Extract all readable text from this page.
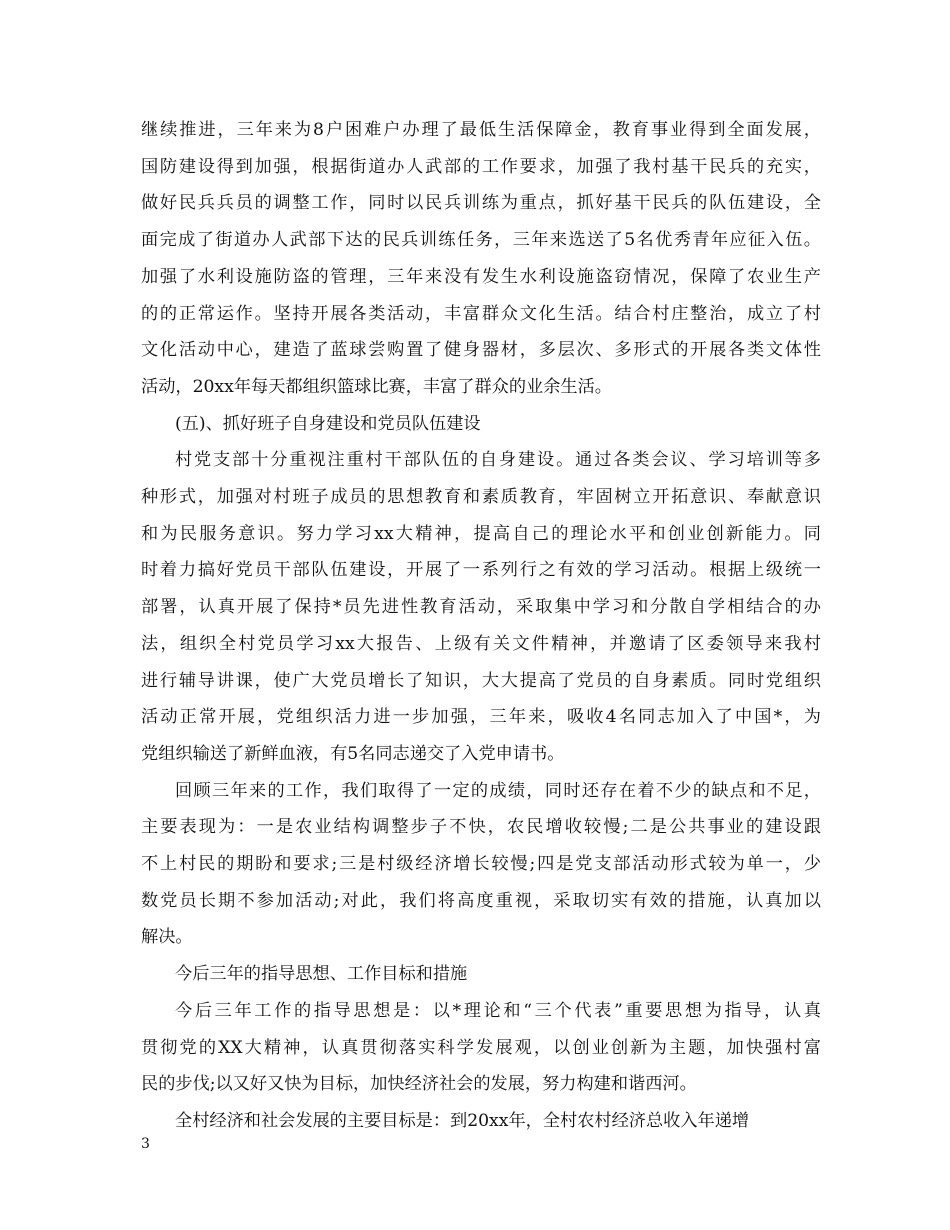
继续推进，三年来为8户困难户办理了最低生活保障金，教育事业得到全面发展，
国防建设得到加强，根据街道办人武部的工作要求，加强了我村基干民兵的充实，
做好民兵兵员的调整工作，同时以民兵训练为重点，抓好基干民兵的队伍建设，全
面完成了街道办人武部下达的民兵训练任务，三年来选送了5名优秀青年应征入伍。
加强了水利设施防盗的管理，三年来没有发生水利设施盗窃情况，保障了农业生产
的的正常运作。坚持开展各类活动，丰富群众文化生活。结合村庄整治，成立了村
文化活动中心，建造了蓝球尝购置了健身器材，多层次、多形式的开展各类文体性
活动，20xx年每天都组织篮球比赛，丰富了群众的业余生活。
(五)、抓好班子自身建设和党员队伍建设
村党支部十分重视注重村干部队伍的自身建设。通过各类会议、学习培训等多
种形式，加强对村班子成员的思想教育和素质教育，牢固树立开拓意识、奉献意识
和为民服务意识。努力学习xx大精神，提高自己的理论水平和创业创新能力。同
时着力搞好党员干部队伍建设，开展了一系列行之有效的学习活动。根据上级统一
部署，认真开展了保持*员先进性教育活动，采取集中学习和分散自学相结合的办
法，组织全村党员学习xx大报告、上级有关文件精神，并邀请了区委领导来我村
进行辅导讲课，使广大党员增长了知识，大大提高了党员的自身素质。同时党组织
活动正常开展，党组织活力进一步加强，三年来，吸收4名同志加入了中国*，为
党组织输送了新鲜血液，有5名同志递交了入党申请书。
回顾三年来的工作，我们取得了一定的成绩，同时还存在着不少的缺点和不足，
主要表现为：一是农业结构调整步子不快，农民增收较慢;二是公共事业的建设跟
不上村民的期盼和要求;三是村级经济增长较慢;四是党支部活动形式较为单一，少
数党员长期不参加活动;对此，我们将高度重视，采取切实有效的措施，认真加以
解决。
今后三年的指导思想、工作目标和措施
今后三年工作的指导思想是：以*理论和“三个代表”重要思想为指导，认真
贯彻党的XX大精神，认真贯彻落实科学发展观，以创业创新为主题，加快强村富
民的步伐;以又好又快为目标，加快经济社会的发展，努力构建和谐西河。
全村经济和社会发展的主要目标是：到20xx年，全村农村经济总收入年递增
3
